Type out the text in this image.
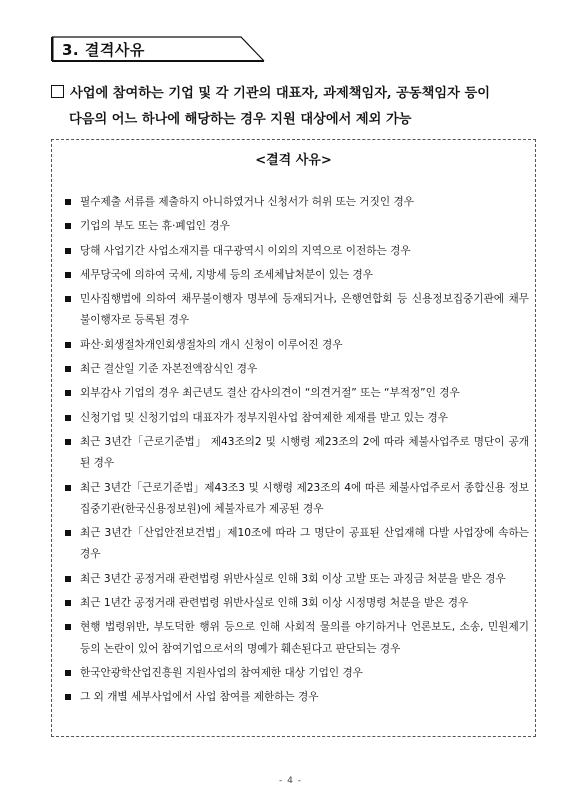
3. 결격사유
사업에 참여하는 기업 및 각 기관의 대표자, 과제책임자, 공동책임자 등이
다음의 어느 하나에 해당하는 경우 지원 대상에서 제외 가능
<결격 사유>
필수제출 서류를 제출하지 아니하였거나 신청서가 허위 또는 거짓인 경우
기업의 부도 또는 휴·폐업인 경우
당해 사업기간 사업소재지를 대구광역시 이외의 지역으로 이전하는 경우
세무당국에 의하여 국세, 지방세 등의 조세체납처분이 있는 경우
민사집행법에 의하여 채무불이행자 명부에 등재되거나, 은행연합회 등 신용정보집중기관에 채무불이행자로 등록된 경우
파산·회생절차개인회생절차의 개시 신청이 이루어진 경우
최근 결산일 기준 자본전액잠식인 경우
외부감사 기업의 경우 최근년도 결산 감사의견이 “의견거절” 또는 “부적정”인 경우
신청기업 및 신청기업의 대표자가 정부지원사업 참여제한 제재를 받고 있는 경우
최근 3년간「근로기준법」 제43조의2 및 시행령 제23조의 2에 따라 체불사업주로 명단이 공개된 경우
최근 3년간「근로기준법」제43조3 및 시행령 제23조의 4에 따른 체불사업주로서 종합신용 정보집중기관(한국신용정보원)에 체불자료가 제공된 경우
최근 3년간「산업안전보건법」제10조에 따라 그 명단이 공표된 산업재해 다발 사업장에 속하는 경우
최근 3년간 공정거래 관련법령 위반사실로 인해 3회 이상 고발 또는 과징금 처분을 받은 경우
최근 1년간 공정거래 관련법령 위반사실로 인해 3회 이상 시정명령 처분을 받은 경우
현행 법령위반, 부도덕한 행위 등으로 인해 사회적 물의를 야기하거나 언론보도, 소송, 민원제기 등의 논란이 있어 참여기업으로서의 명예가 훼손된다고 판단되는 경우
한국안광학산업진흥원 지원사업의 참여제한 대상 기업인 경우
그 외 개별 세부사업에서 사업 참여를 제한하는 경우
- 4 -
